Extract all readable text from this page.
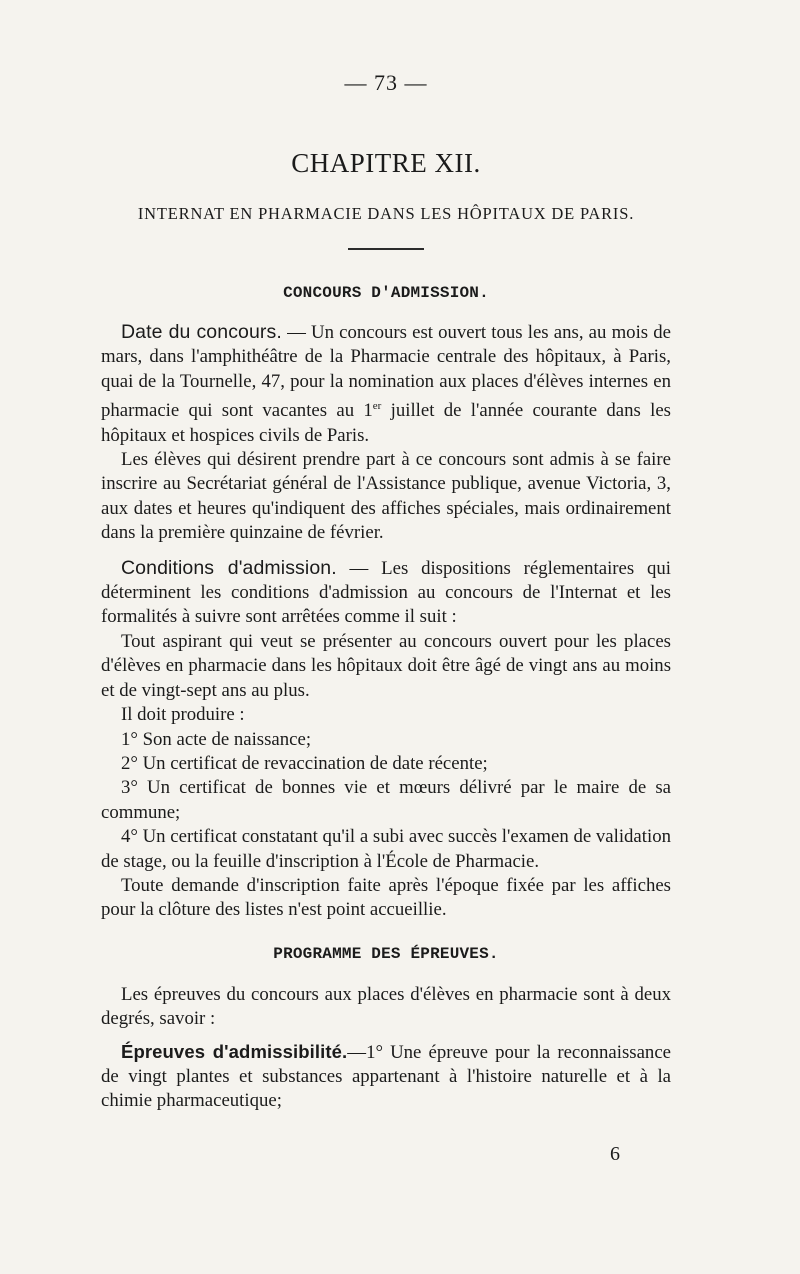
— 73 —
CHAPITRE XII.
INTERNAT EN PHARMACIE DANS LES HÔPITAUX DE PARIS.
CONCOURS D'ADMISSION.

Date du concours. — Un concours est ouvert tous les ans, au mois de mars, dans l'amphithéâtre de la Pharmacie centrale des hôpitaux, à Paris, quai de la Tournelle, 47, pour la nomination aux places d'élèves internes en pharmacie qui sont vacantes au 1er juillet de l'année courante dans les hôpitaux et hospices civils de Paris.

Les élèves qui désirent prendre part à ce concours sont admis à se faire inscrire au Secrétariat général de l'Assistance publique, avenue Victoria, 3, aux dates et heures qu'indiquent des affiches spéciales, mais ordinairement dans la première quinzaine de février.

Conditions d'admission. — Les dispositions réglementaires qui déterminent les conditions d'admission au concours de l'Internat et les formalités à suivre sont arrêtées comme il suit :

Tout aspirant qui veut se présenter au concours ouvert pour les places d'élèves en pharmacie dans les hôpitaux doit être âgé de vingt ans au moins et de vingt-sept ans au plus.

Il doit produire :

1° Son acte de naissance;

2° Un certificat de revaccination de date récente;

3° Un certificat de bonnes vie et mœurs délivré par le maire de sa commune;

4° Un certificat constatant qu'il a subi avec succès l'examen de validation de stage, ou la feuille d'inscription à l'École de Pharmacie.

Toute demande d'inscription faite après l'époque fixée par les affiches pour la clôture des listes n'est point accueillie.

PROGRAMME DES ÉPREUVES.

Les épreuves du concours aux places d'élèves en pharmacie sont à deux degrés, savoir :

Épreuves d'admissibilité.—1° Une épreuve pour la reconnaissance de vingt plantes et substances appartenant à l'histoire naturelle et à la chimie pharmaceutique;

6
